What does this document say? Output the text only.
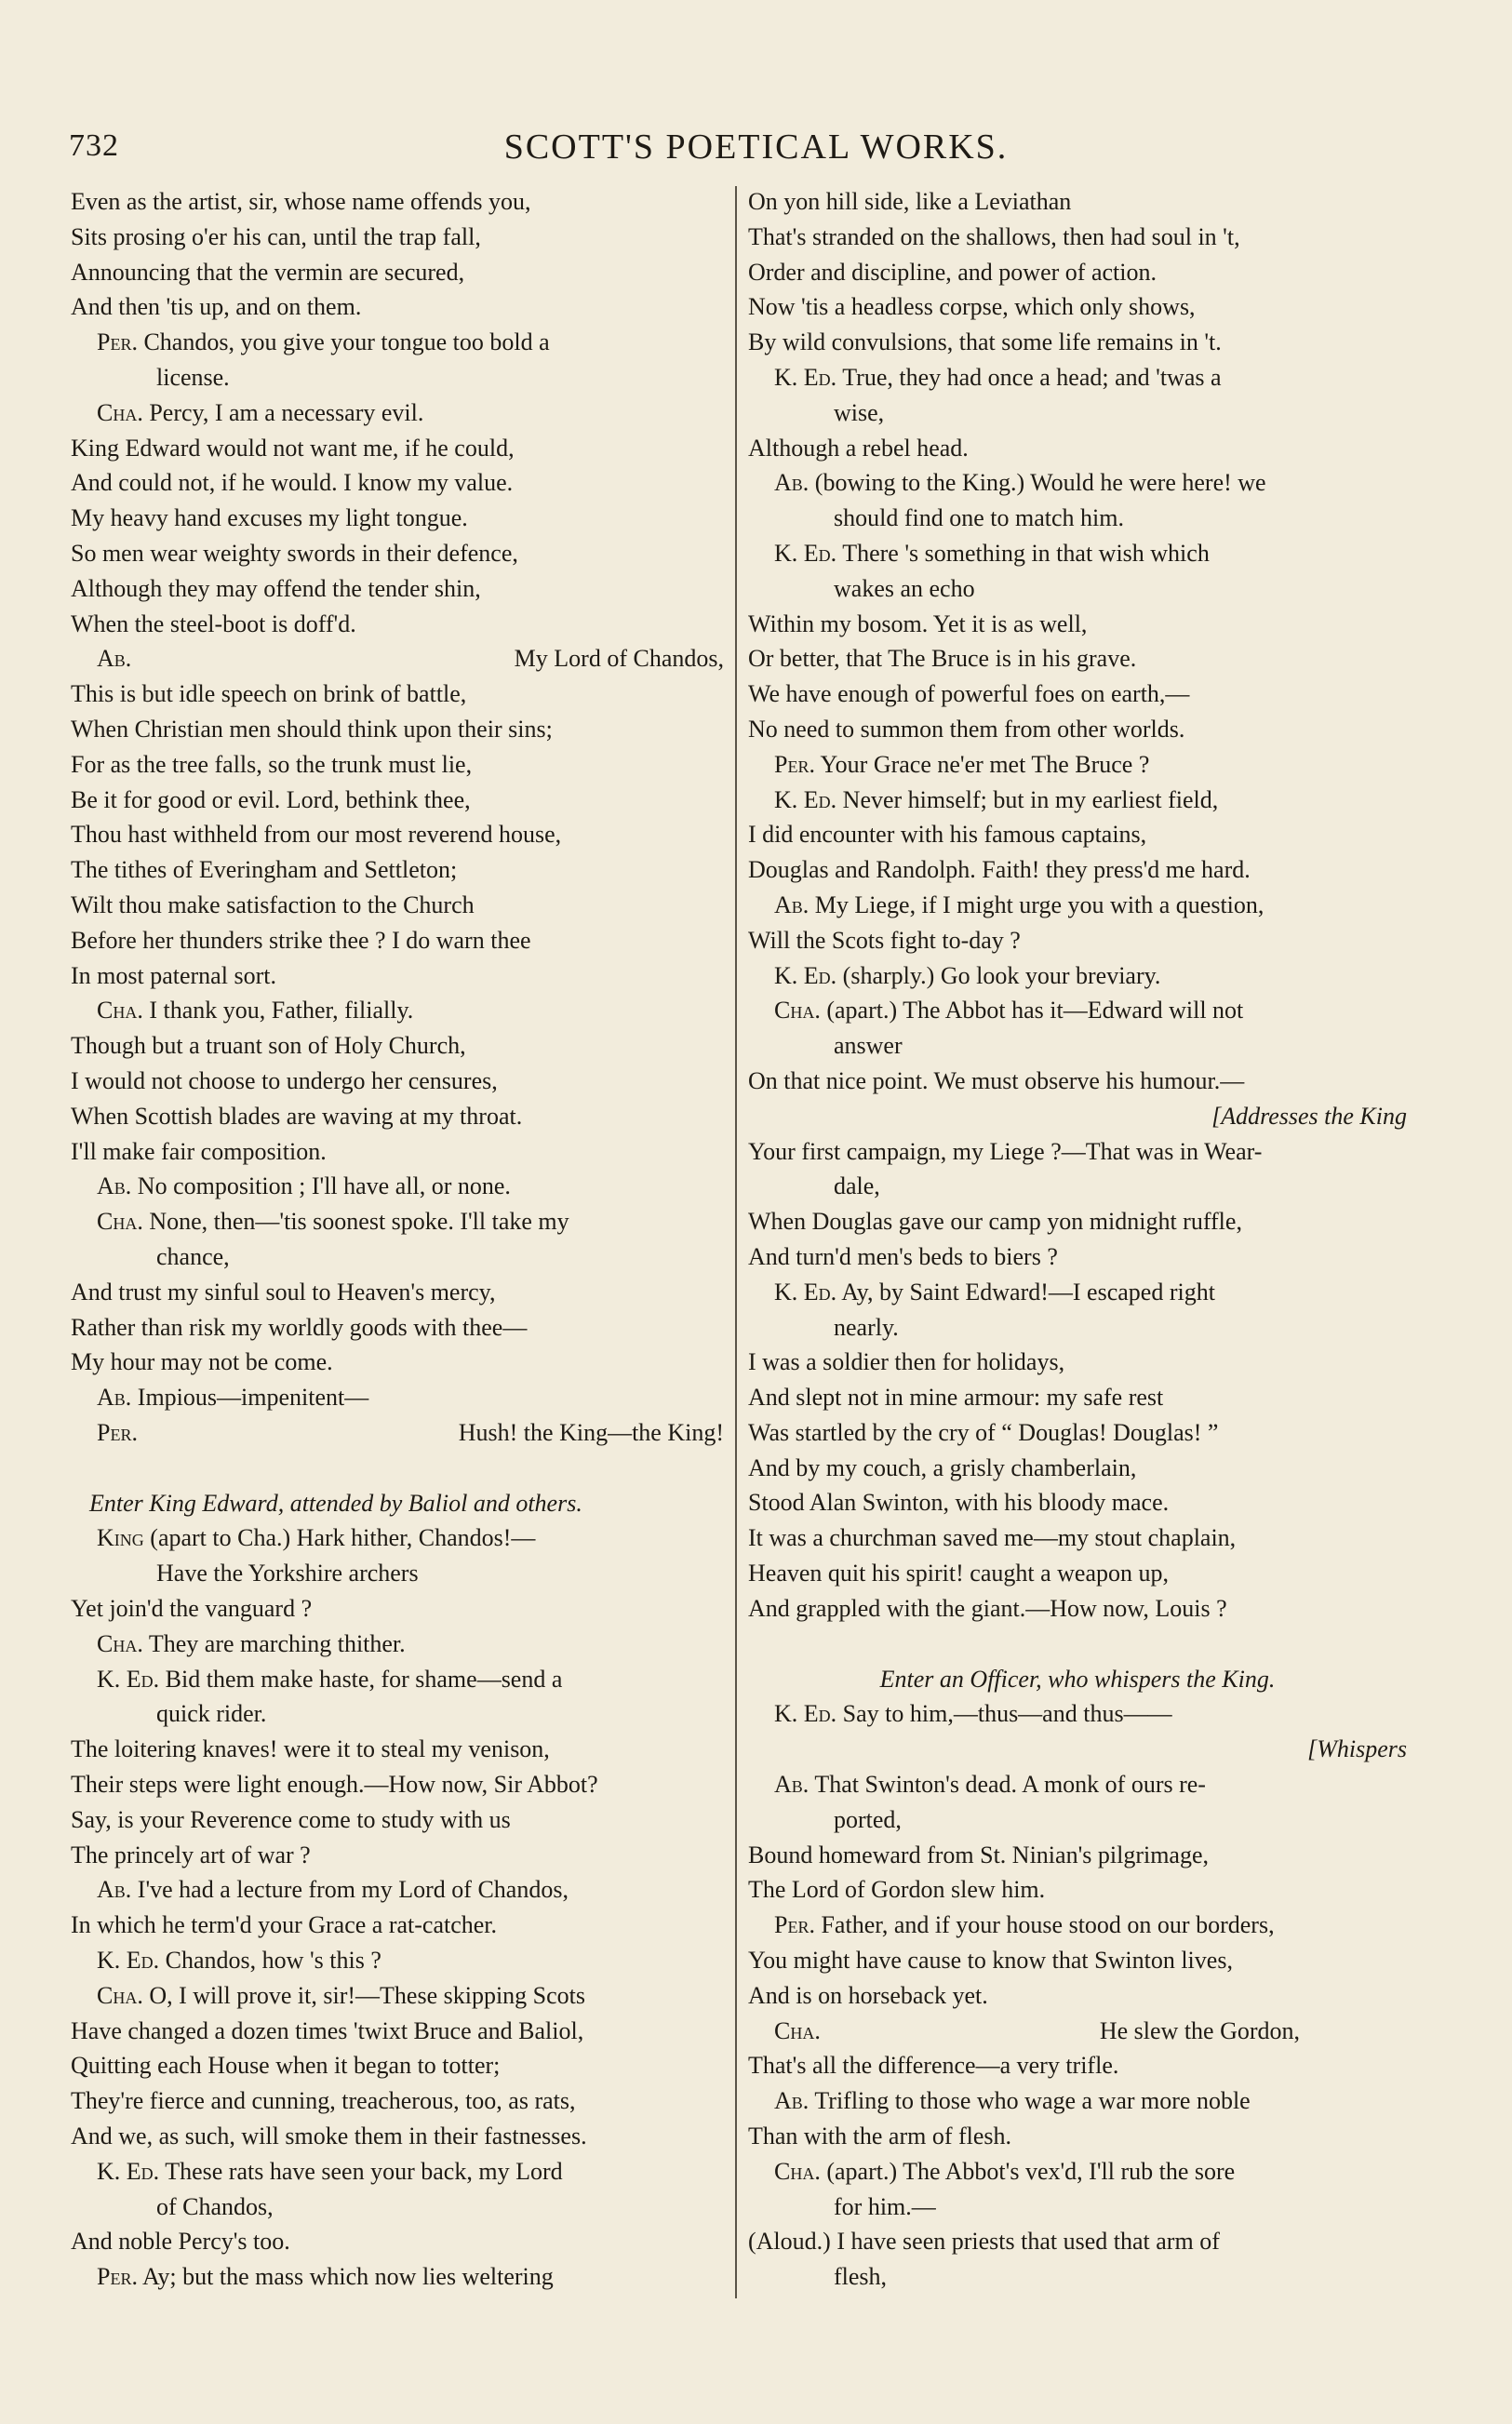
732	SCOTT'S POETICAL WORKS.
Even as the artist, sir, whose name offends you,
Sits prosing o'er his can, until the trap fall,
Announcing that the vermin are secured,
And then 'tis up, and on them.
Per. Chandos, you give your tongue too bold a
license.
Cha. Percy, I am a necessary evil.
King Edward would not want me, if he could,
And could not, if he would. I know my value.
My heavy hand excuses my light tongue.
So men wear weighty swords in their defence,
Although they may offend the tender shin,
When the steel-boot is doff'd.
Ab.	My Lord of Chandos,
This is but idle speech on brink of battle,
When Christian men should think upon their sins;
For as the tree falls, so the trunk must lie,
Be it for good or evil. Lord, bethink thee,
Thou hast withheld from our most reverend house,
The tithes of Everingham and Settleton;
Wilt thou make satisfaction to the Church
Before her thunders strike thee ? I do warn thee
In most paternal sort.
Cha. I thank you, Father, filially.
Though but a truant son of Holy Church,
I would not choose to undergo her censures,
When Scottish blades are waving at my throat.
I'll make fair composition.
Ab. No composition ; I'll have all, or none.
Cha. None, then—'tis soonest spoke. I'll take my
chance,
And trust my sinful soul to Heaven's mercy,
Rather than risk my worldly goods with thee—
My hour may not be come.
Ab. Impious—impenitent—
Per.	Hush! the King—the King!
Enter King Edward, attended by Baliol and others.
King (apart to Cha.) Hark hither, Chandos!—
Have the Yorkshire archers
Yet join'd the vanguard ?
Cha. They are marching thither.
K. Ed. Bid them make haste, for shame—send a
quick rider.
The loitering knaves! were it to steal my venison,
Their steps were light enough.—How now, Sir Abbot?
Say, is your Reverence come to study with us
The princely art of war ?
Ab. I've had a lecture from my Lord of Chandos,
In which he term'd your Grace a rat-catcher.
K. Ed. Chandos, how 's this ?
Cha. O, I will prove it, sir!—These skipping Scots
Have changed a dozen times 'twixt Bruce and Baliol,
Quitting each House when it began to totter;
They're fierce and cunning, treacherous, too, as rats,
And we, as such, will smoke them in their fastnesses.
K. Ed. These rats have seen your back, my Lord
of Chandos,
And noble Percy's too.
Per. Ay; but the mass which now lies weltering
On yon hill side, like a Leviathan
That's stranded on the shallows, then had soul in 't,
Order and discipline, and power of action.
Now 'tis a headless corpse, which only shows,
By wild convulsions, that some life remains in 't.
K. Ed. True, they had once a head; and 'twas a
wise,
Although a rebel head.
Ab. (bowing to the King.) Would he were here! we
should find one to match him.
K. Ed. There 's something in that wish which
wakes an echo
Within my bosom. Yet it is as well,
Or better, that The Bruce is in his grave.
We have enough of powerful foes on earth,—
No need to summon them from other worlds.
Per. Your Grace ne'er met The Bruce ?
K. Ed. Never himself; but in my earliest field,
I did encounter with his famous captains,
Douglas and Randolph. Faith! they press'd me hard.
Ab. My Liege, if I might urge you with a question,
Will the Scots fight to-day ?
K. Ed. (sharply.) Go look your breviary.
Cha. (apart.) The Abbot has it—Edward will not
answer
On that nice point. We must observe his humour.—
[Addresses the King
Your first campaign, my Liege ?—That was in Wear-
dale,
When Douglas gave our camp yon midnight ruffle,
And turn'd men's beds to biers ?
K. Ed. Ay, by Saint Edward!—I escaped right
nearly.
I was a soldier then for holidays,
And slept not in mine armour: my safe rest
Was startled by the cry of “ Douglas! Douglas! ”
And by my couch, a grisly chamberlain,
Stood Alan Swinton, with his bloody mace.
It was a churchman saved me—my stout chaplain,
Heaven quit his spirit! caught a weapon up,
And grappled with the giant.—How now, Louis ?
Enter an Officer, who whispers the King.
K. Ed. Say to him,—thus—and thus——
[Whispers
Ab. That Swinton's dead. A monk of ours re-
ported,
Bound homeward from St. Ninian's pilgrimage,
The Lord of Gordon slew him.
Per. Father, and if your house stood on our borders,
You might have cause to know that Swinton lives,
And is on horseback yet.
Cha.	He slew the Gordon,
That's all the difference—a very trifle.
Ab. Trifling to those who wage a war more noble
Than with the arm of flesh.
Cha. (apart.) The Abbot's vex'd, I'll rub the sore
for him.—
(Aloud.) I have seen priests that used that arm of
flesh,
